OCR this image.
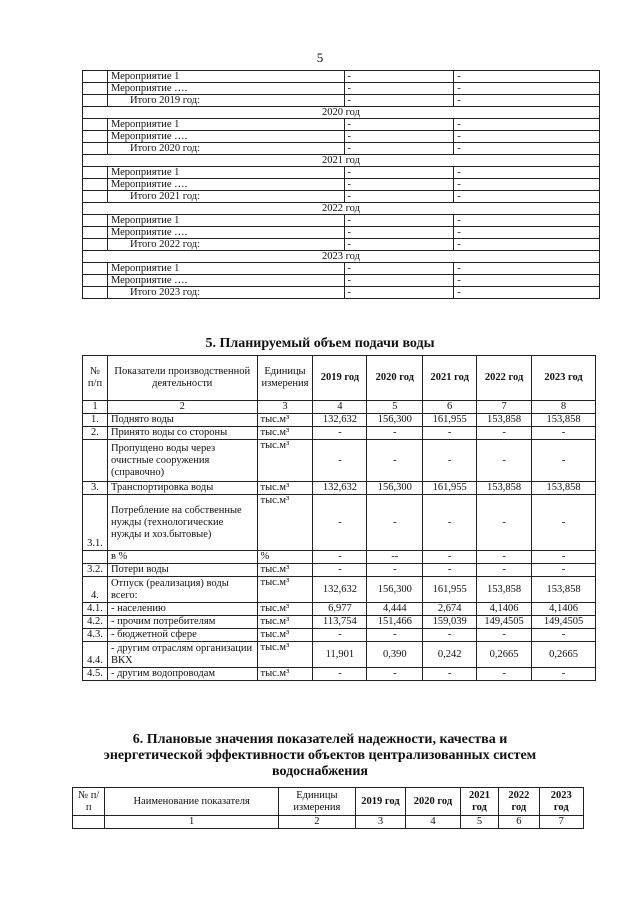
5
	Мероприятие 1	-	-
	Мероприятие ….	-	-
	Итого 2019 год:	-	-
2020 год			
	Мероприятие 1	-	-
	Мероприятие ….	-	-
	Итого 2020 год:	-	-
2021 год			
	Мероприятие 1	-	-
	Мероприятие ….	-	-
	Итого 2021 год:	-	-
2022 год			
	Мероприятие 1	-	-
	Мероприятие ….	-	-
	Итого 2022 год:	-	-
2023 год			
	Мероприятие 1	-	-
	Мероприятие ….	-	-
	Итого 2023 год:	-	-
5. Планируемый объем подачи воды
№ п/п	Показатели производственной деятельности	Единицы измерения	2019 год	2020 год	2021 год	2022 год	2023 год
1	2	3	4	5	6	7	8
1.	Поднято воды	тыс.м³	132,632	156,300	161,955	153,858	153,858
2.	Принято воды со стороны	тыс.м³	-	-	-	-	-
	Пропущено воды через очистные сооружения (справочно)	тыс.м³	-	-	-	-	-
3.	Транспортировка воды	тыс.м³	132,632	156,300	161,955	153,858	153,858
3.1.	Потребление на собственные нужды (технологические нужды и хоз.бытовые)	тыс.м³	-	-	-	-	-
	в %	%	-	--	-	-	-
3.2.	Потери воды	тыс.м³	-	-	-	-	-
4.	Отпуск (реализация) воды всего:	тыс.м³	132,632	156,300	161,955	153,858	153,858
4.1.	- населению	тыс.м³	6,977	4,444	2,674	4,1406	4,1406
4.2.	- прочим потребителям	тыс.м³	113,754	151,466	159,039	149,4505	149,4505
4.3.	- бюджетной сфере	тыс.м³	-	-	-	-	-
4.4.	- другим отраслям организации ВКХ	тыс.м³	11,901	0,390	0,242	0,2665	0,2665
4.5.	- другим водопроводам	тыс.м³	-	-	-	-	-
6. Плановые значения показателей надежности, качества и энергетической эффективности объектов централизованных систем водоснабжения
№ п/п	Наименование показателя	Единицы измерения	2019 год	2020 год	2021 год	2022 год	2023 год
	1	2	3	4	5	6	7
